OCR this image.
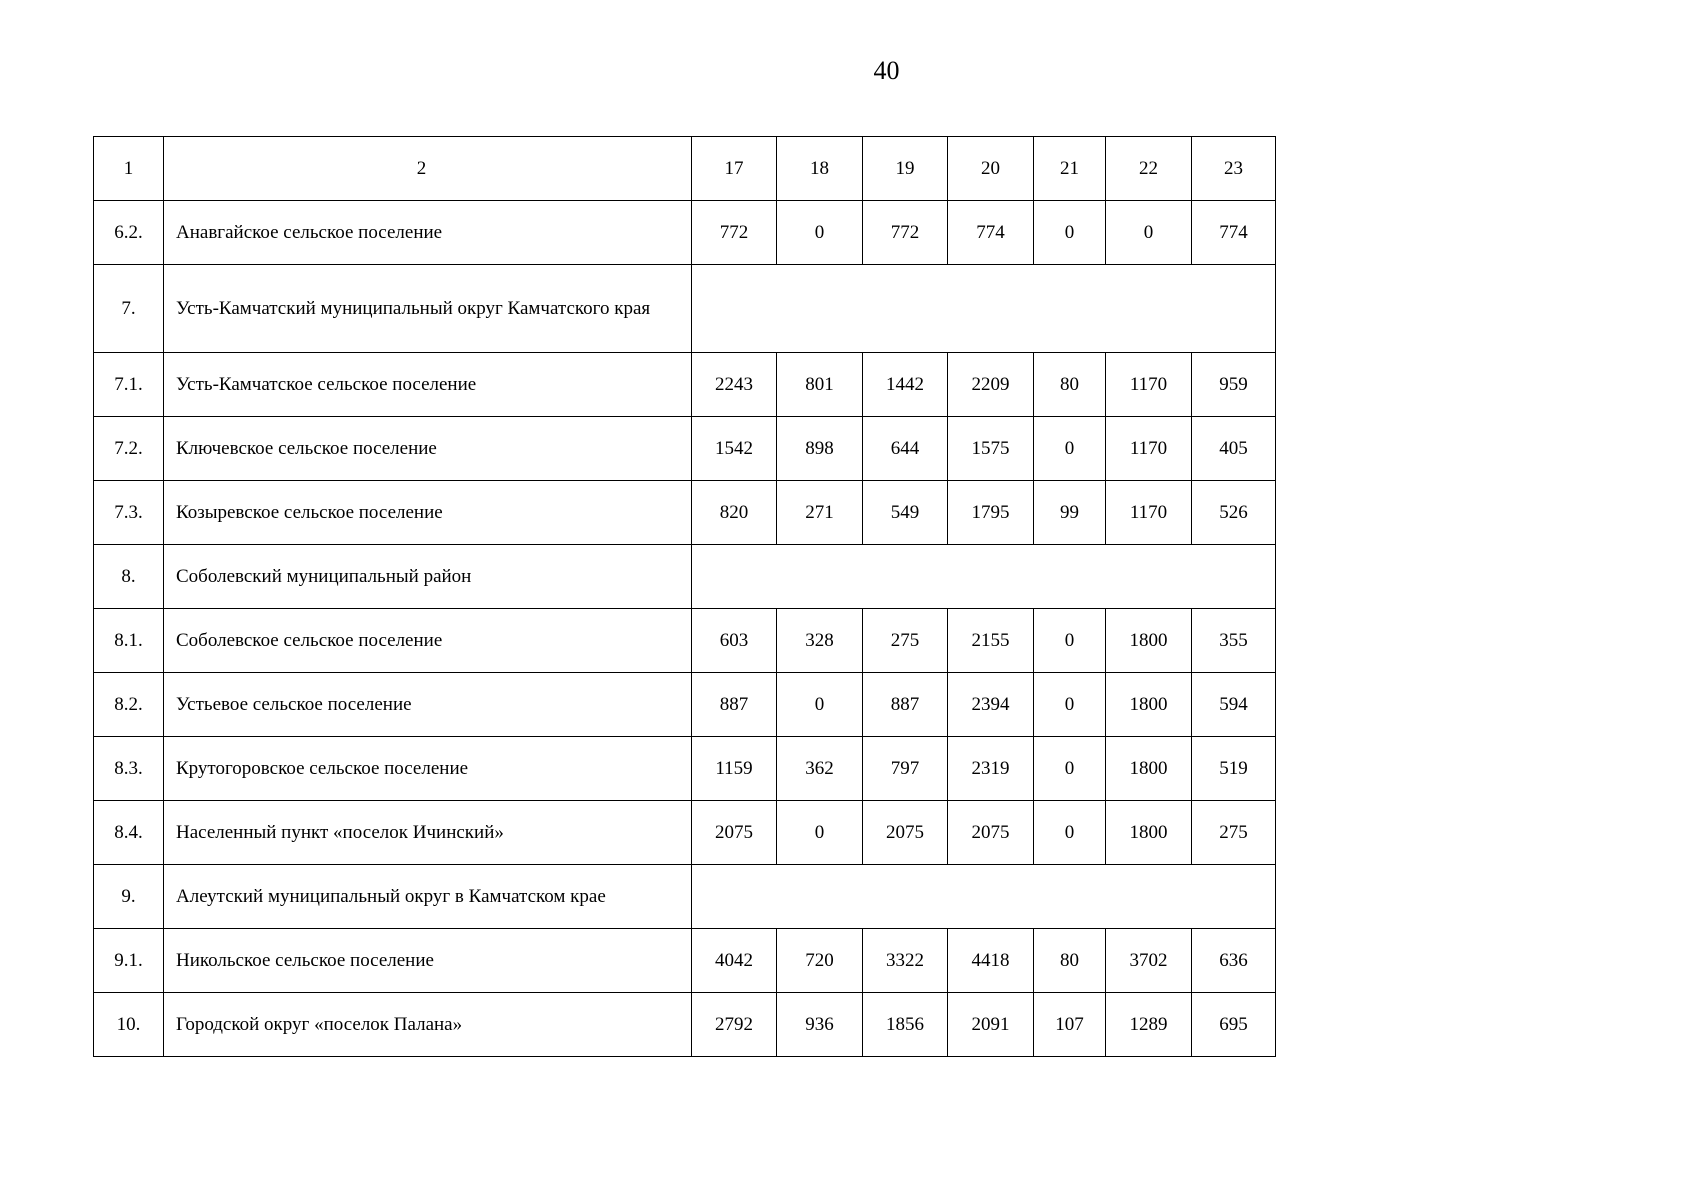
40
1	2	17	18	19	20	21	22	23
6.2.	Анавгайское сельское поселение	772	0	772	774	0	0	774
7.	Усть-Камчатский муниципальный округ Камчатского края							
7.1.	Усть-Камчатское сельское поселение	2243	801	1442	2209	80	1170	959
7.2.	Ключевское сельское поселение	1542	898	644	1575	0	1170	405
7.3.	Козыревское сельское поселение	820	271	549	1795	99	1170	526
8.	Соболевский муниципальный район							
8.1.	Соболевское сельское поселение	603	328	275	2155	0	1800	355
8.2.	Устьевое сельское поселение	887	0	887	2394	0	1800	594
8.3.	Крутогоровское сельское поселение	1159	362	797	2319	0	1800	519
8.4.	Населенный пункт «поселок Ичинский»	2075	0	2075	2075	0	1800	275
9.	Алеутский муниципальный округ в Камчатском крае							
9.1.	Никольское сельское поселение	4042	720	3322	4418	80	3702	636
10.	Городской округ «поселок Палана»	2792	936	1856	2091	107	1289	695
